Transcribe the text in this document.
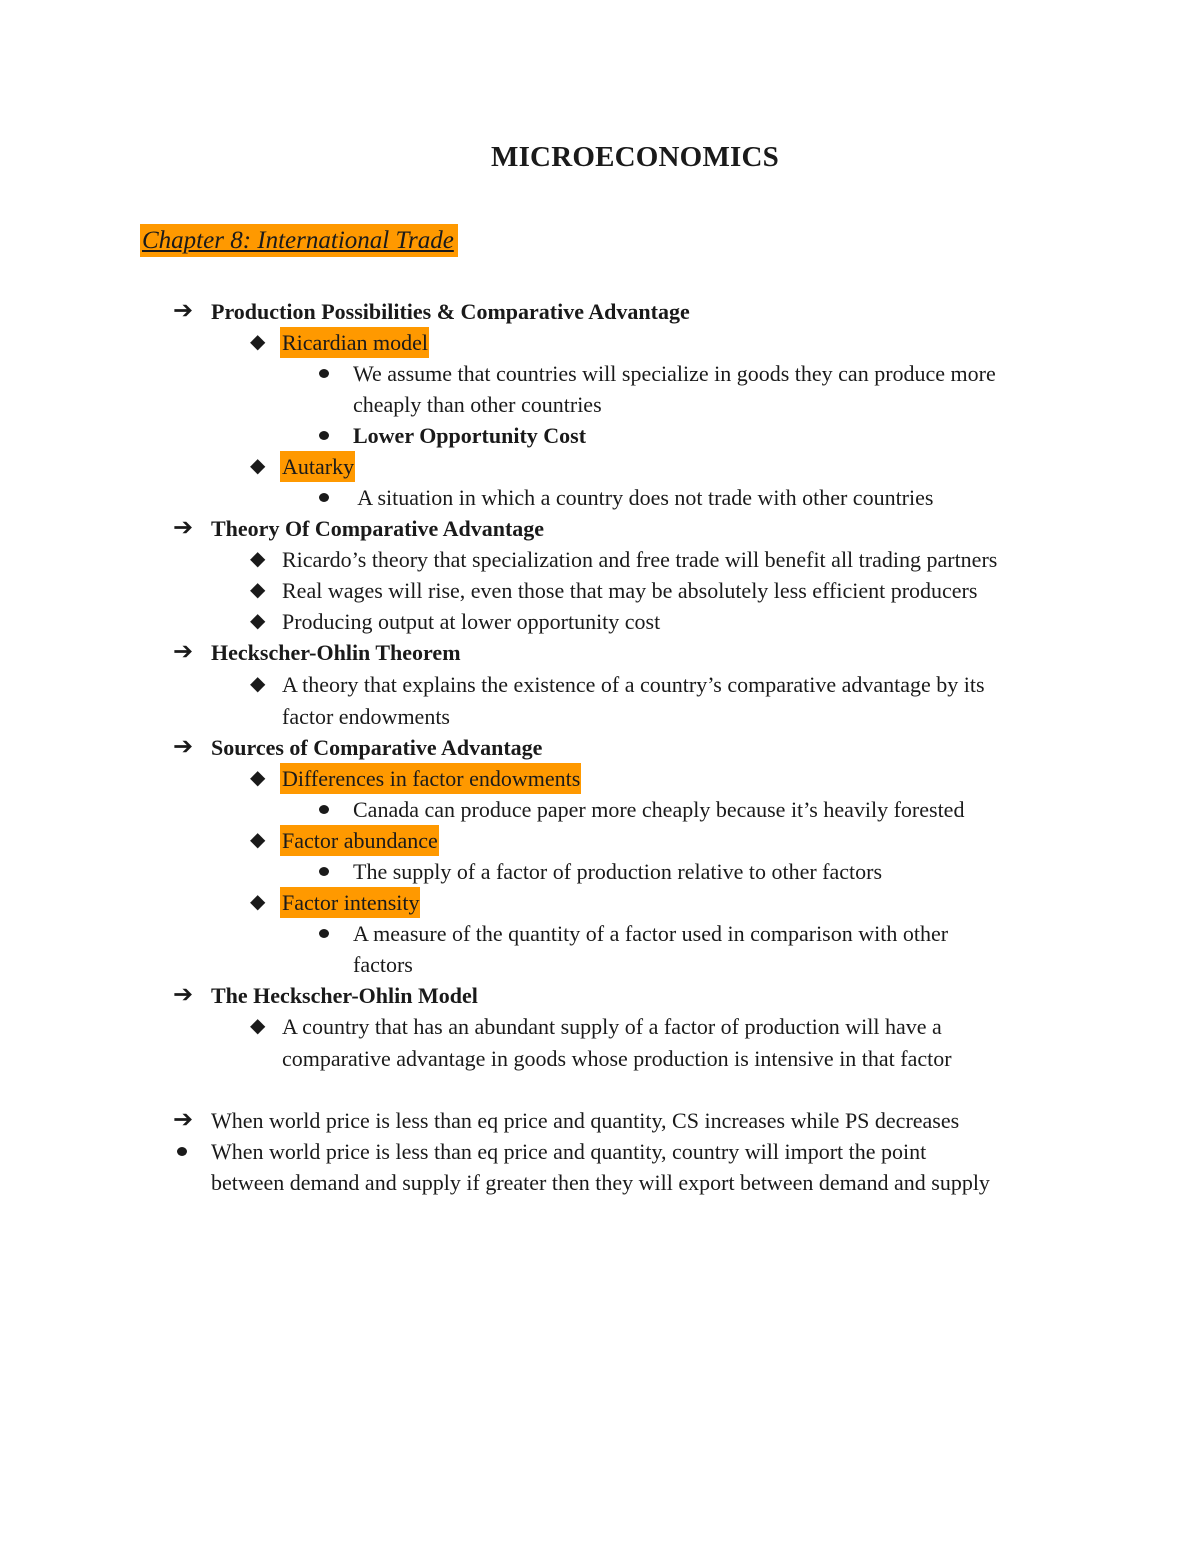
MICROECONOMICS
Chapter 8: International Trade
➔ Production Possibilities & Comparative Advantage
◆ Ricardian model
We assume that countries will specialize in goods they can produce more
cheaply than other countries
Lower Opportunity Cost
◆ Autarky
A situation in which a country does not trade with other countries
➔ Theory Of Comparative Advantage
◆ Ricardo’s theory that specialization and free trade will benefit all trading partners
◆ Real wages will rise, even those that may be absolutely less efficient producers
◆ Producing output at lower opportunity cost
➔ Heckscher-Ohlin Theorem
◆ A theory that explains the existence of a country’s comparative advantage by its
factor endowments
➔ Sources of Comparative Advantage
◆ Differences in factor endowments
Canada can produce paper more cheaply because it’s heavily forested
◆ Factor abundance
The supply of a factor of production relative to other factors
◆ Factor intensity
A measure of the quantity of a factor used in comparison with other
factors
➔ The Heckscher-Ohlin Model
◆ A country that has an abundant supply of a factor of production will have a
comparative advantage in goods whose production is intensive in that factor
➔ When world price is less than eq price and quantity, CS increases while PS decreases
When world price is less than eq price and quantity, country will import the point
between demand and supply if greater then they will export between demand and supply
